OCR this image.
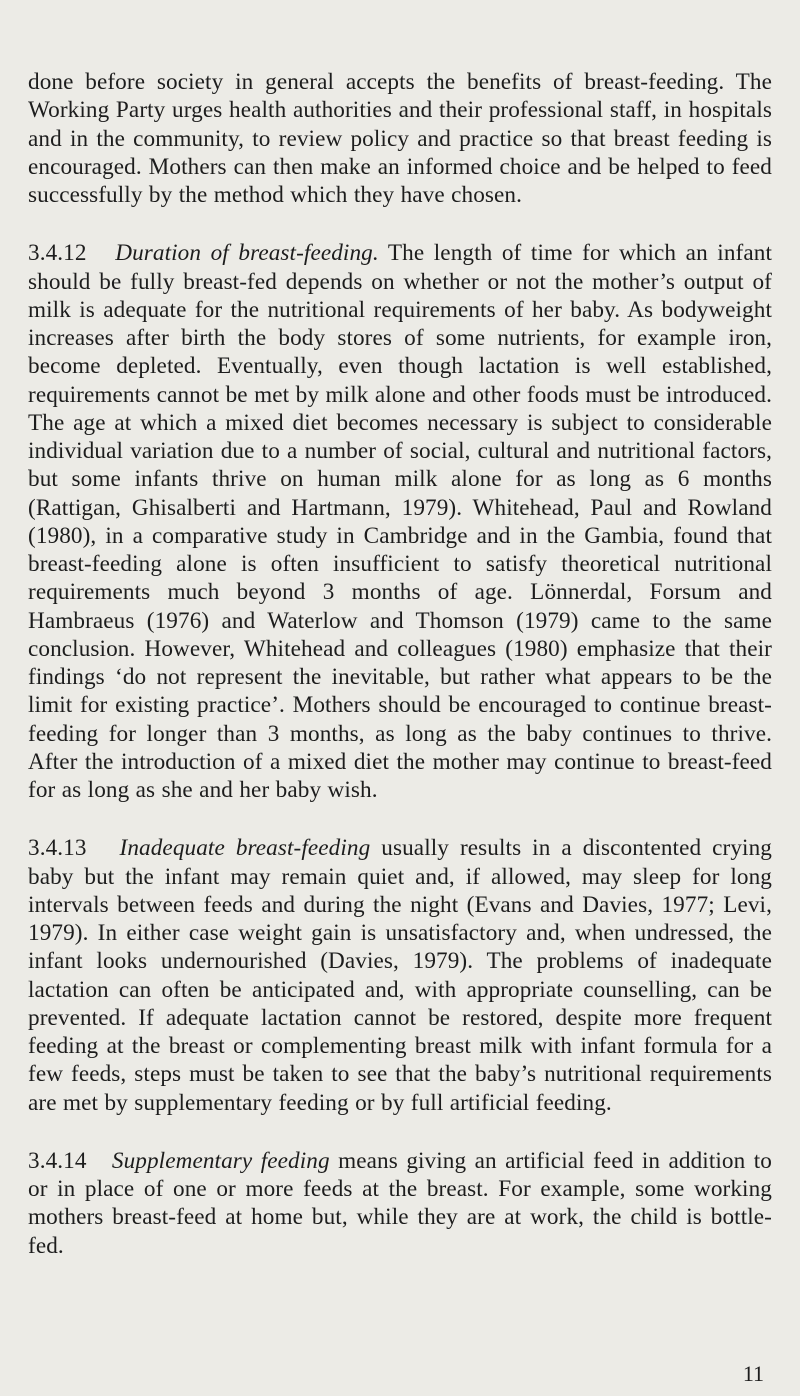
done before society in general accepts the benefits of breast-feeding. The Working Party urges health authorities and their professional staff, in hospitals and in the community, to review policy and practice so that breast feeding is encouraged. Mothers can then make an informed choice and be helped to feed successfully by the method which they have chosen.

3.4.12 Duration of breast-feeding. The length of time for which an infant should be fully breast-fed depends on whether or not the mother’s output of milk is adequate for the nutritional requirements of her baby. As bodyweight increases after birth the body stores of some nutrients, for example iron, become depleted. Eventually, even though lactation is well established, requirements cannot be met by milk alone and other foods must be introduced. The age at which a mixed diet becomes necessary is subject to considerable individual variation due to a number of social, cultural and nutritional factors, but some infants thrive on human milk alone for as long as 6 months (Rattigan, Ghisalberti and Hartmann, 1979). Whitehead, Paul and Rowland (1980), in a comparative study in Cambridge and in the Gambia, found that breast-feeding alone is often insufficient to satisfy theoretical nutritional requirements much beyond 3 months of age. Lönnerdal, Forsum and Hambraeus (1976) and Waterlow and Thomson (1979) came to the same conclusion. However, Whitehead and colleagues (1980) emphasize that their findings ‘do not represent the inevitable, but rather what appears to be the limit for existing practice’. Mothers should be encouraged to continue breast-feeding for longer than 3 months, as long as the baby continues to thrive. After the introduction of a mixed diet the mother may continue to breast-feed for as long as she and her baby wish.

3.4.13 Inadequate breast-feeding usually results in a discontented crying baby but the infant may remain quiet and, if allowed, may sleep for long intervals between feeds and during the night (Evans and Davies, 1977; Levi, 1979). In either case weight gain is unsatisfactory and, when undressed, the infant looks undernourished (Davies, 1979). The problems of inadequate lactation can often be anticipated and, with appropriate counselling, can be prevented. If adequate lactation cannot be restored, despite more frequent feeding at the breast or complementing breast milk with infant formula for a few feeds, steps must be taken to see that the baby’s nutritional requirements are met by supplementary feeding or by full artificial feeding.

3.4.14 Supplementary feeding means giving an artificial feed in addition to or in place of one or more feeds at the breast. For example, some working mothers breast-feed at home but, while they are at work, the child is bottle-fed.

11
